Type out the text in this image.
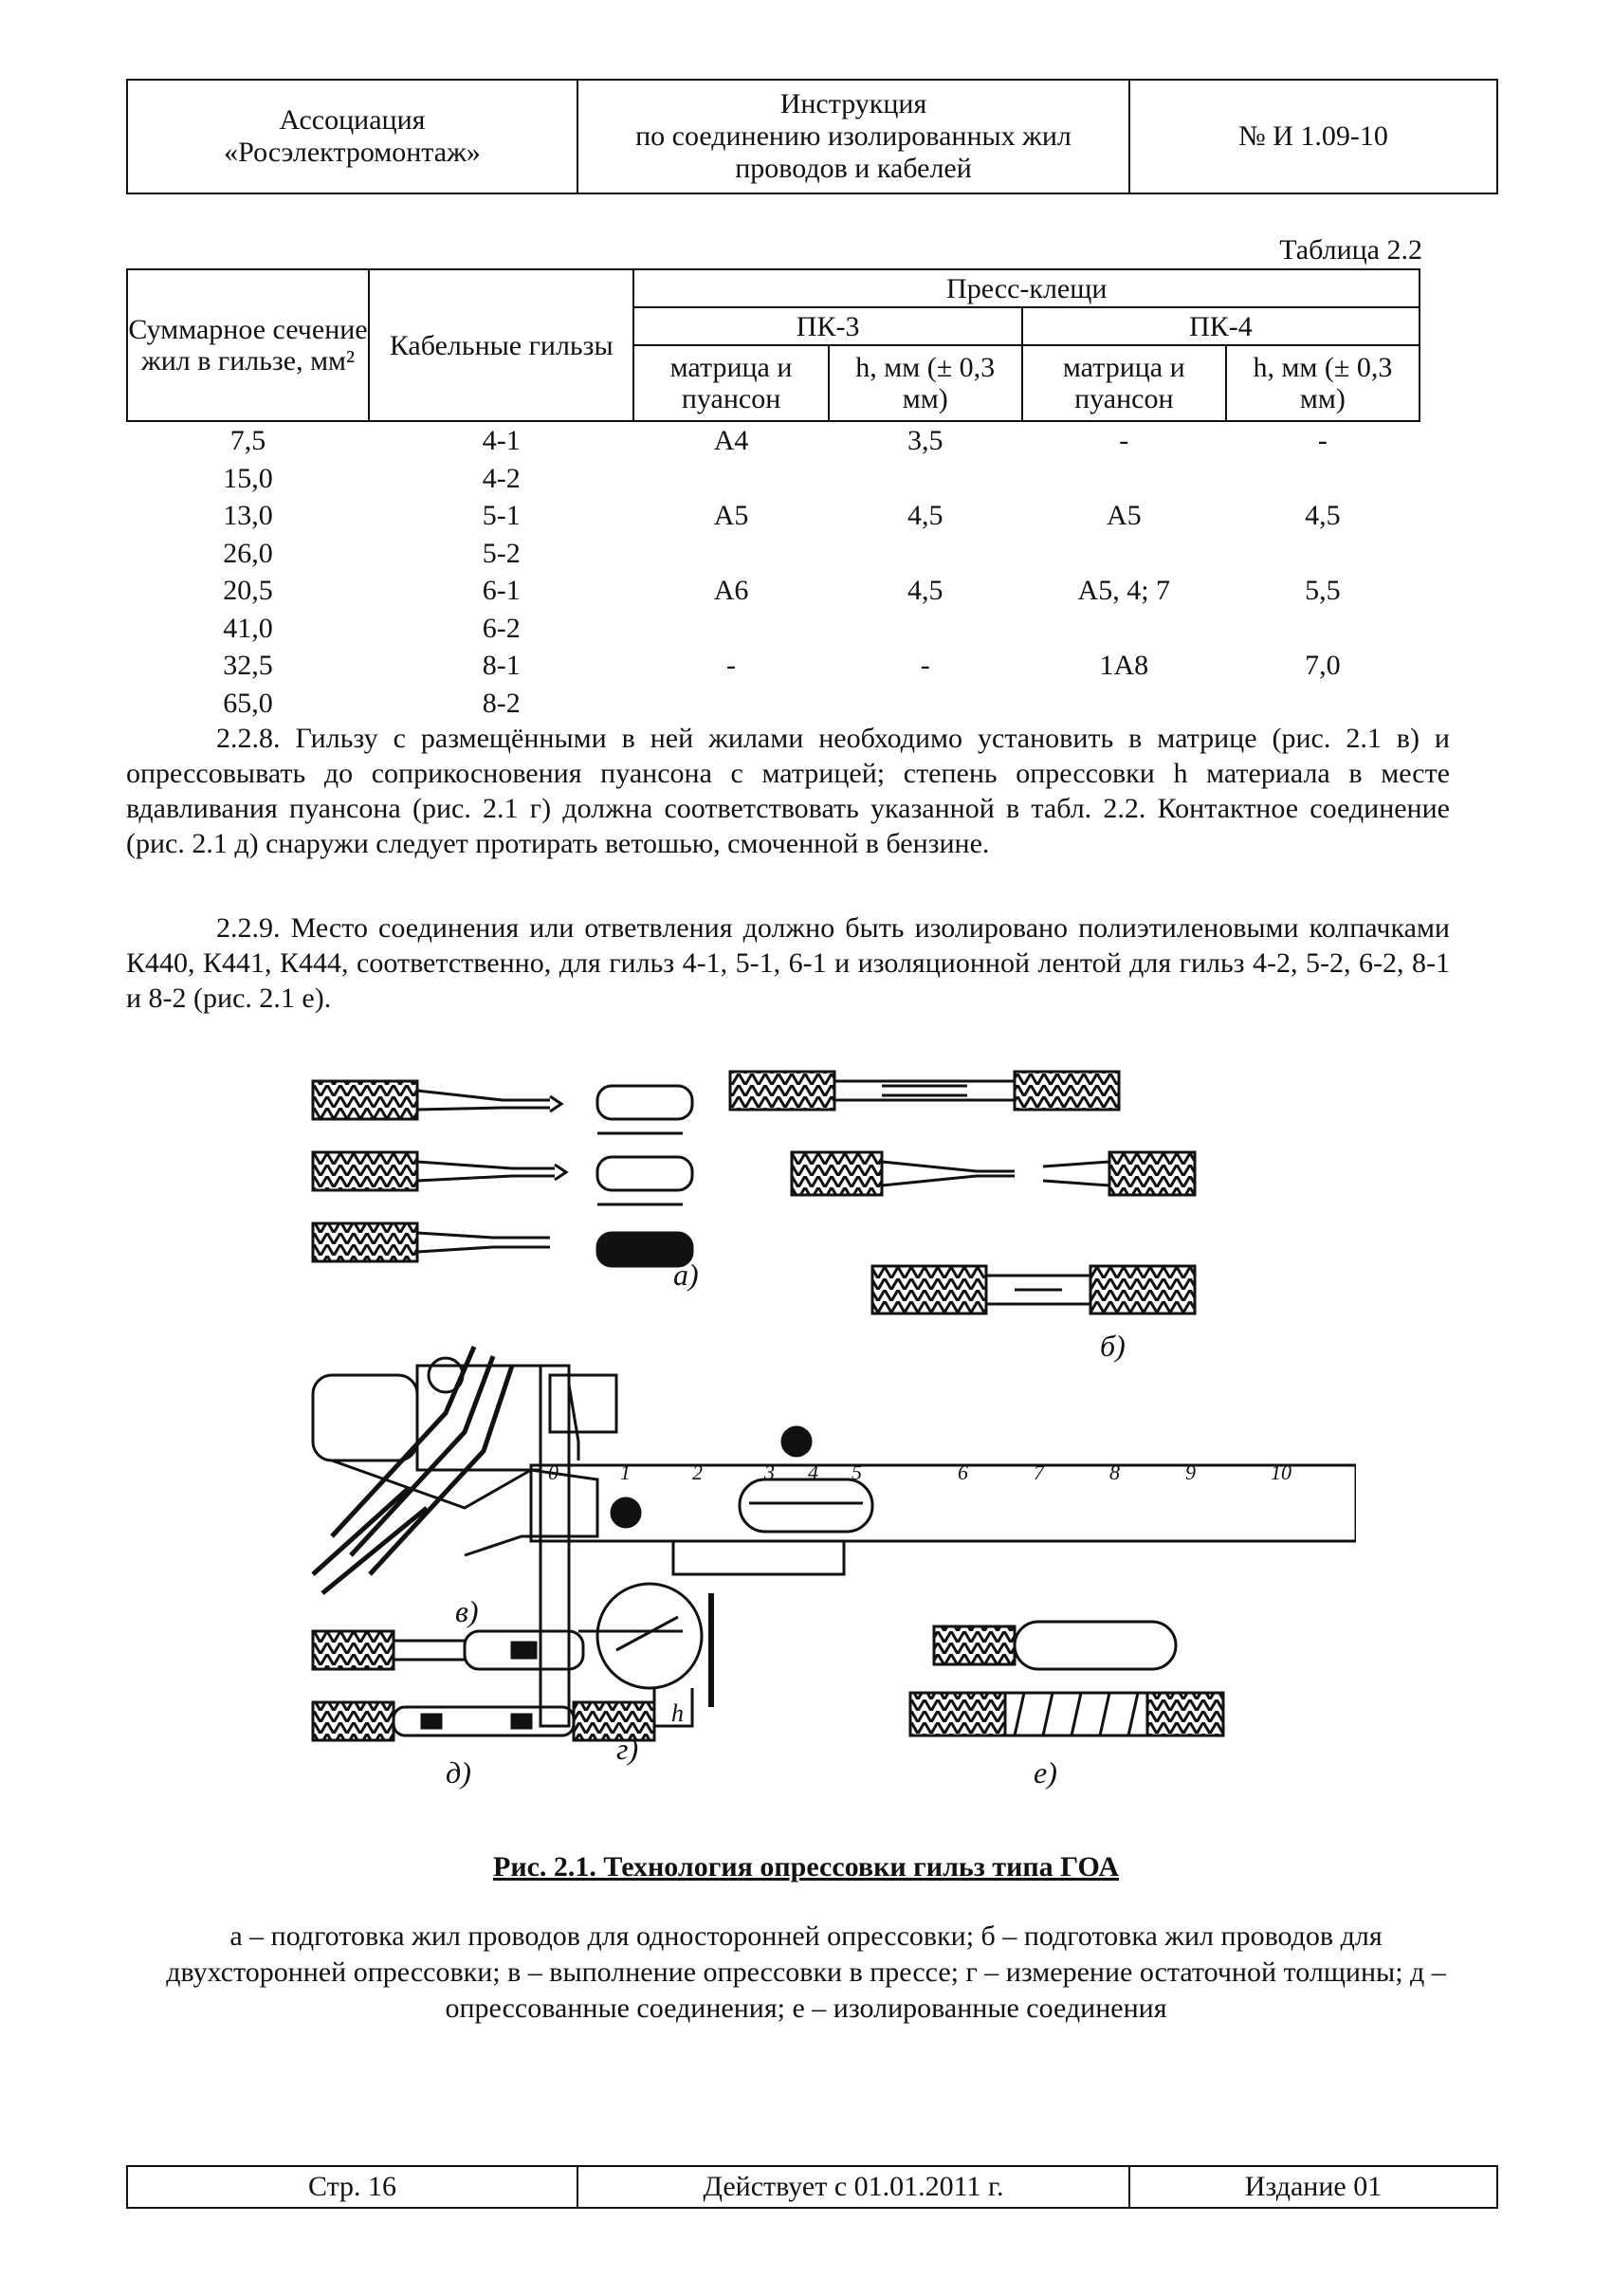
Ассоциация
«Росэлектромонтаж»
Инструкция
по соединению изолированных жил
проводов и кабелей
№ И 1.09-10
Таблица 2.2
Суммарное сечение жил в гильзе, мм²	Кабельные гильзы	Пресс-клещи			
		ПК-3		ПК-4	
		матрица и пуансон	h, мм (± 0,3 мм)	матрица и пуансон	h, мм (± 0,3 мм)
7,5	4-1	А4	3,5	-	-
15,0	4-2				
13,0	5-1	А5	4,5	А5	4,5
26,0	5-2				
20,5	6-1	А6	4,5	А5, 4; 7	5,5
41,0	6-2				
32,5	8-1	-	-	1А8	7,0
65,0	8-2				

2.2.8. Гильзу с размещёнными в ней жилами необходимо установить в матрице (рис. 2.1 в) и опрессовывать до соприкосновения пуансона с матрицей; степень опрессовки h материала в месте вдавливания пуансона (рис. 2.1 г) должна соответствовать указанной в табл. 2.2. Контактное соединение (рис. 2.1 д) снаружи следует протирать ветошью, смоченной в бензине.

2.2.9. Место соединения или ответвления должно быть изолировано полиэтиленовыми колпачками К440, К441, К444, соответственно, для гильз 4-1, 5-1, 6-1 и изоляционной лентой для гильз 4-2, 5-2, 6-2, 8-1 и 8-2 (рис. 2.1 е).

а)
б)
в)
г)
д)	е)
h
0	1	2	3 4 5	6	7	8	9	10
Рис. 2.1. Технология опрессовки гильз типа ГОА
а – подготовка жил проводов для односторонней опрессовки; б – подготовка жил проводов для двухсторонней опрессовки; в – выполнение опрессовки в прессе; г – измерение остаточной толщины; д – опрессованные соединения; е – изолированные соединения
Стр. 16	Действует с 01.01.2011 г.	Издание 01
